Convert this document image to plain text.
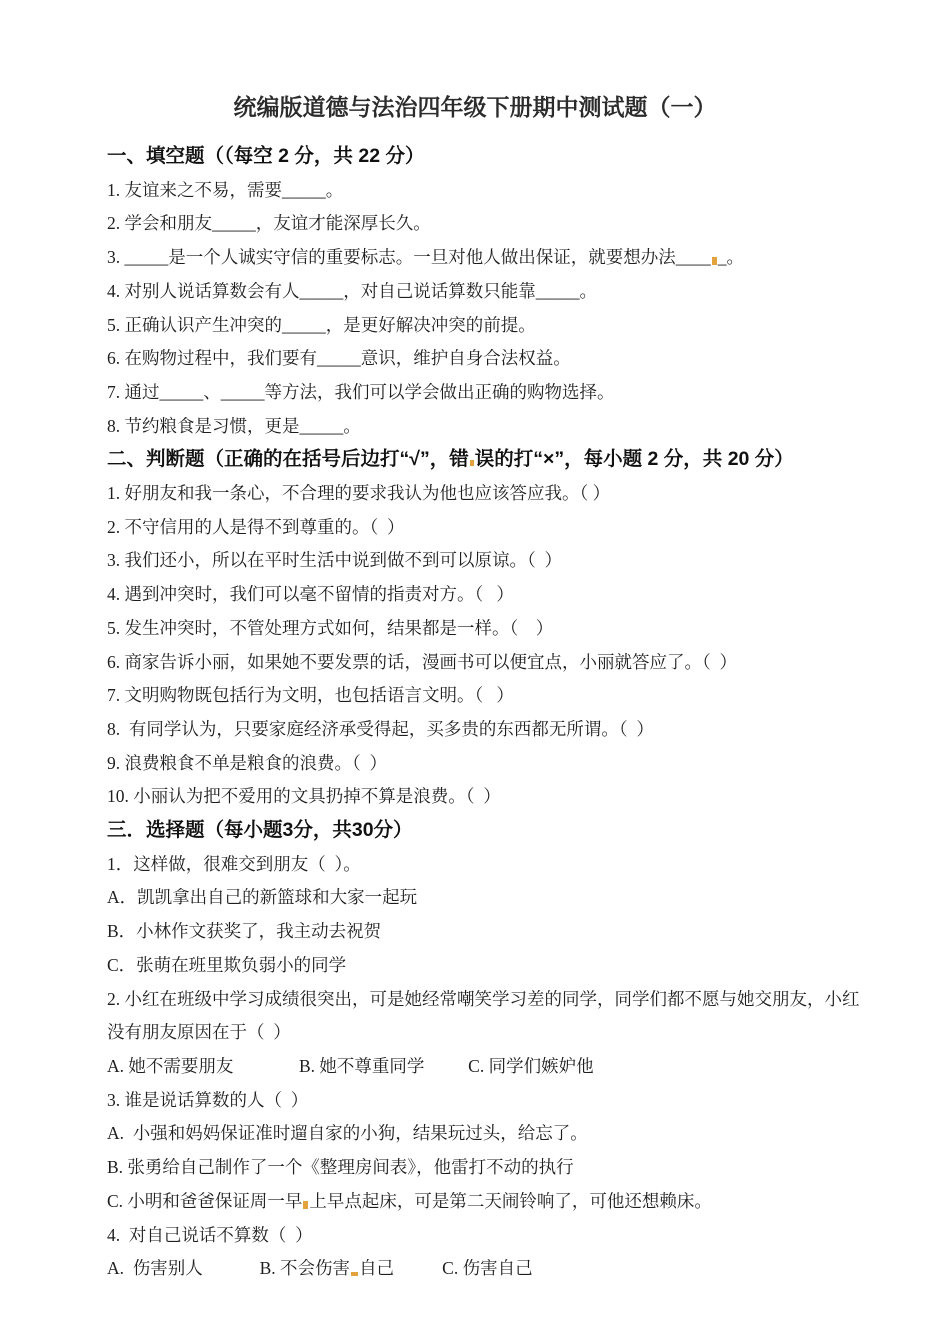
统编版道德与法治四年级下册期中测试题（一）

一、填空题（（每空 2 分，共 22 分）

1. 友谊来之不易，需要_____。

2. 学会和朋友_____，友谊才能深厚长久。

3. _____是一个人诚实守信的重要标志。一旦对他人做出保证，就要想办法____ _。

4. 对别人说话算数会有人_____，对自己说话算数只能靠_____。

5. 正确认识产生冲突的_____，是更好解决冲突的前提。

6. 在购物过程中，我们要有_____意识，维护自身合法权益。

7. 通过_____、_____等方法，我们可以学会做出正确的购物选择。

8. 节约粮食是习惯，更是_____。

二、判断题（正确的在括号后边打“√”，错 误的打“×”，每小题 2 分，共 20 分）

1. 好朋友和我一条心，不合理的要求我认为他也应该答应我。（ ）

2. 不守信用的人是得不到尊重的。（  ）

3. 我们还小，所以在平时生活中说到做不到可以原谅。（  ）

4. 遇到冲突时，我们可以毫不留情的指责对方。（   ）

5. 发生冲突时，不管处理方式如何，结果都是一样。（    ）

6. 商家告诉小丽，如果她不要发票的话，漫画书可以便宜点，小丽就答应了。（  ）

7. 文明购物既包括行为文明，也包括语言文明。（   ）

8.  有同学认为，只要家庭经济承受得起，买多贵的东西都无所谓。（  ）

9. 浪费粮食不单是粮食的浪费。（  ）

10. 小丽认为把不爱用的文具扔掉不算是浪费。（  ）

三．选择题（每小题3分，共30分）

1．这样做，很难交到朋友（  ）。

A．凯凯拿出自己的新篮球和大家一起玩

B．小林作文获奖了，我主动去祝贺

C．张萌在班里欺负弱小的同学

2. 小红在班级中学习成绩很突出，可是她经常嘲笑学习差的同学，同学们都不愿与她交朋友，小红

没有朋友原因在于（  ）

A. 她不需要朋友               B. 她不尊重同学          C. 同学们嫉妒他

3. 谁是说话算数的人（  ）

A.  小强和妈妈保证准时遛自家的小狗，结果玩过头，给忘了。

B. 张勇给自己制作了一个《整理房间表》，他雷打不动的执行

C. 小明和爸爸保证周一早 上早点起床，可是第二天闹铃响了，可他还想赖床。

4.  对自己说话不算数（  ）

A.  伤害别人             B. 不会伤害 自己           C. 伤害自己
